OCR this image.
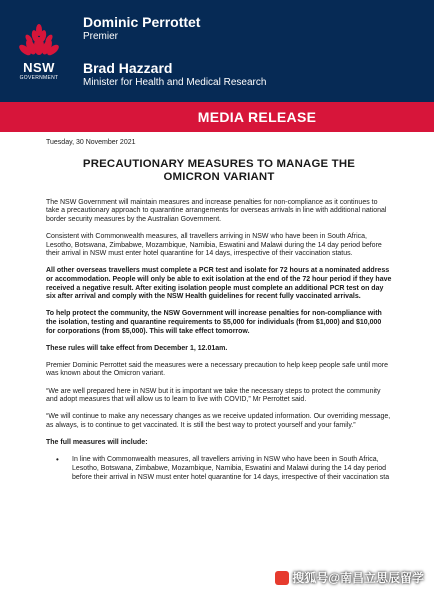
NSW
GOVERNMENT
Dominic Perrottet
Premier
Brad Hazzard
Minister for Health and Medical Research
MEDIA RELEASE
Tuesday, 30 November 2021
PRECAUTIONARY MEASURES TO MANAGE THE
OMICRON VARIANT

The NSW Government will maintain measures and increase penalties for non-compliance as it continues to take a precautionary approach to quarantine arrangements for overseas arrivals in line with additional national border security measures by the Australian Government.

Consistent with Commonwealth measures, all travellers arriving in NSW who have been in South Africa, Lesotho, Botswana, Zimbabwe, Mozambique, Namibia, Eswatini and Malawi during the 14 day period before their arrival in NSW must enter hotel quarantine for 14 days, irrespective of their vaccination status.

All other overseas travellers must complete a PCR test and isolate for 72 hours at a nominated address or accommodation. People will only be able to exit isolation at the end of the 72 hour period if they have received a negative result. After exiting isolation people must complete an additional PCR test on day six after arrival and comply with the NSW Health guidelines for recent fully vaccinated arrivals.

To help protect the community, the NSW Government will increase penalties for non-compliance with the isolation, testing and quarantine requirements to $5,000 for individuals (from $1,000) and $10,000 for corporations (from $5,000). This will take effect tomorrow.

These rules will take effect from December 1, 12.01am.

Premier Dominic Perrottet said the measures were a necessary precaution to help keep people safe until more was known about the Omicron variant.

“We are well prepared here in NSW but it is important we take the necessary steps to protect the community and adopt measures that will allow us to learn to live with COVID,” Mr Perrottet said.

“We will continue to make any necessary changes as we receive updated information. Our overriding message, as always, is to continue to get vaccinated. It is still the best way to protect yourself and your family.”

The full measures will include:

• In line with Commonwealth measures, all travellers arriving in NSW who have been in South Africa, Lesotho, Botswana, Zimbabwe, Mozambique, Namibia, Eswatini and Malawi during the 14 day period before their arrival in NSW must enter hotel quarantine for 14 days, irrespective of their vaccination sta
搜狐号@南昌立思辰留学
